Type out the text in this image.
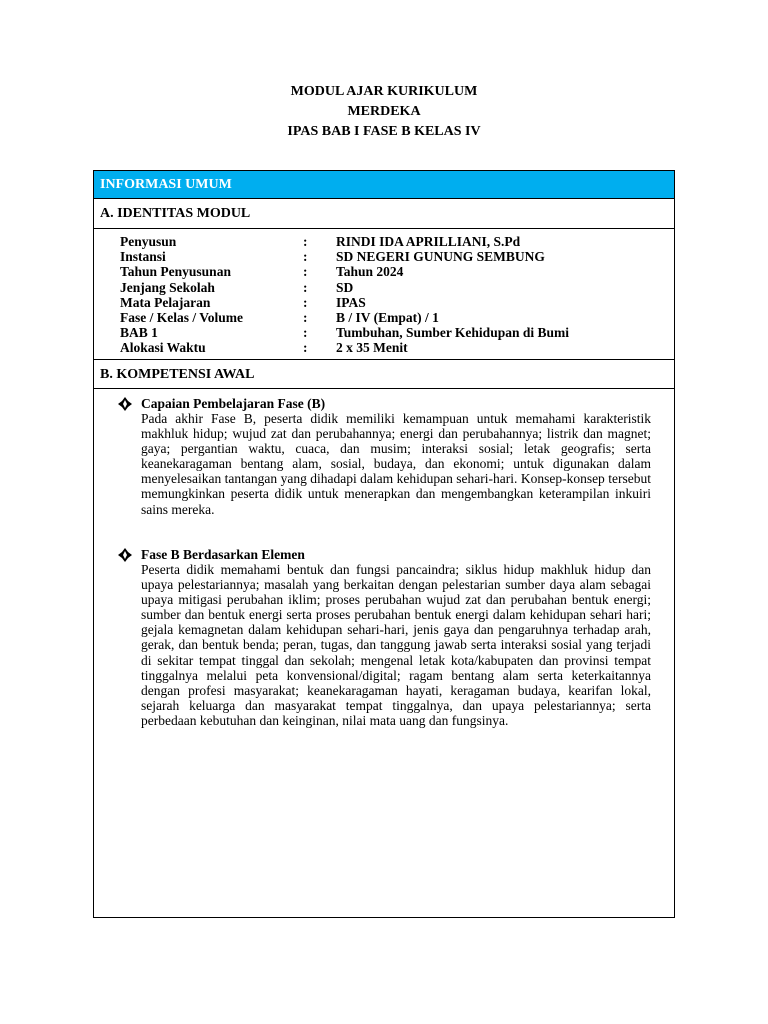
MODUL AJAR KURIKULUM
MERDEKA
IPAS BAB I FASE B KELAS IV
INFORMASI UMUM
A. IDENTITAS MODUL
Penyusun	: RINDI IDA APRILLIANI, S.Pd
Instansi	: SD NEGERI GUNUNG SEMBUNG
Tahun Penyusunan	: Tahun 2024
Jenjang Sekolah	: SD
Mata Pelajaran	: IPAS
Fase / Kelas / Volume	: B / IV (Empat) / 1
BAB 1	: Tumbuhan, Sumber Kehidupan di Bumi
Alokasi Waktu	: 2 x 35 Menit
B. KOMPETENSI AWAL
Capaian Pembelajaran Fase (B)
Pada akhir Fase B, peserta didik memiliki kemampuan untuk memahami karakteristik makhluk hidup; wujud zat dan perubahannya; energi dan perubahannya; listrik dan magnet; gaya; pergantian waktu, cuaca, dan musim; interaksi sosial; letak geografis; serta keanekaragaman bentang alam, sosial, budaya, dan ekonomi; untuk digunakan dalam menyelesaikan tantangan yang dihadapi dalam kehidupan sehari-hari. Konsep-konsep tersebut memungkinkan peserta didik untuk menerapkan dan mengembangkan keterampilan inkuiri sains mereka.
Fase B Berdasarkan Elemen
Peserta didik memahami bentuk dan fungsi pancaindra; siklus hidup makhluk hidup dan upaya pelestariannya; masalah yang berkaitan dengan pelestarian sumber daya alam sebagai upaya mitigasi perubahan iklim; proses perubahan wujud zat dan perubahan bentuk energi; sumber dan bentuk energi serta proses perubahan bentuk energi dalam kehidupan sehari hari; gejala kemagnetan dalam kehidupan sehari-hari, jenis gaya dan pengaruhnya terhadap arah, gerak, dan bentuk benda; peran, tugas, dan tanggung jawab serta interaksi sosial yang terjadi di sekitar tempat tinggal dan sekolah; mengenal letak kota/kabupaten dan provinsi tempat tinggalnya melalui peta konvensional/digital; ragam bentang alam serta keterkaitannya dengan profesi masyarakat; keanekaragaman hayati, keragaman budaya, kearifan lokal, sejarah keluarga dan masyarakat tempat tinggalnya, dan upaya pelestariannya; serta perbedaan kebutuhan dan keinginan, nilai mata uang dan fungsinya.
